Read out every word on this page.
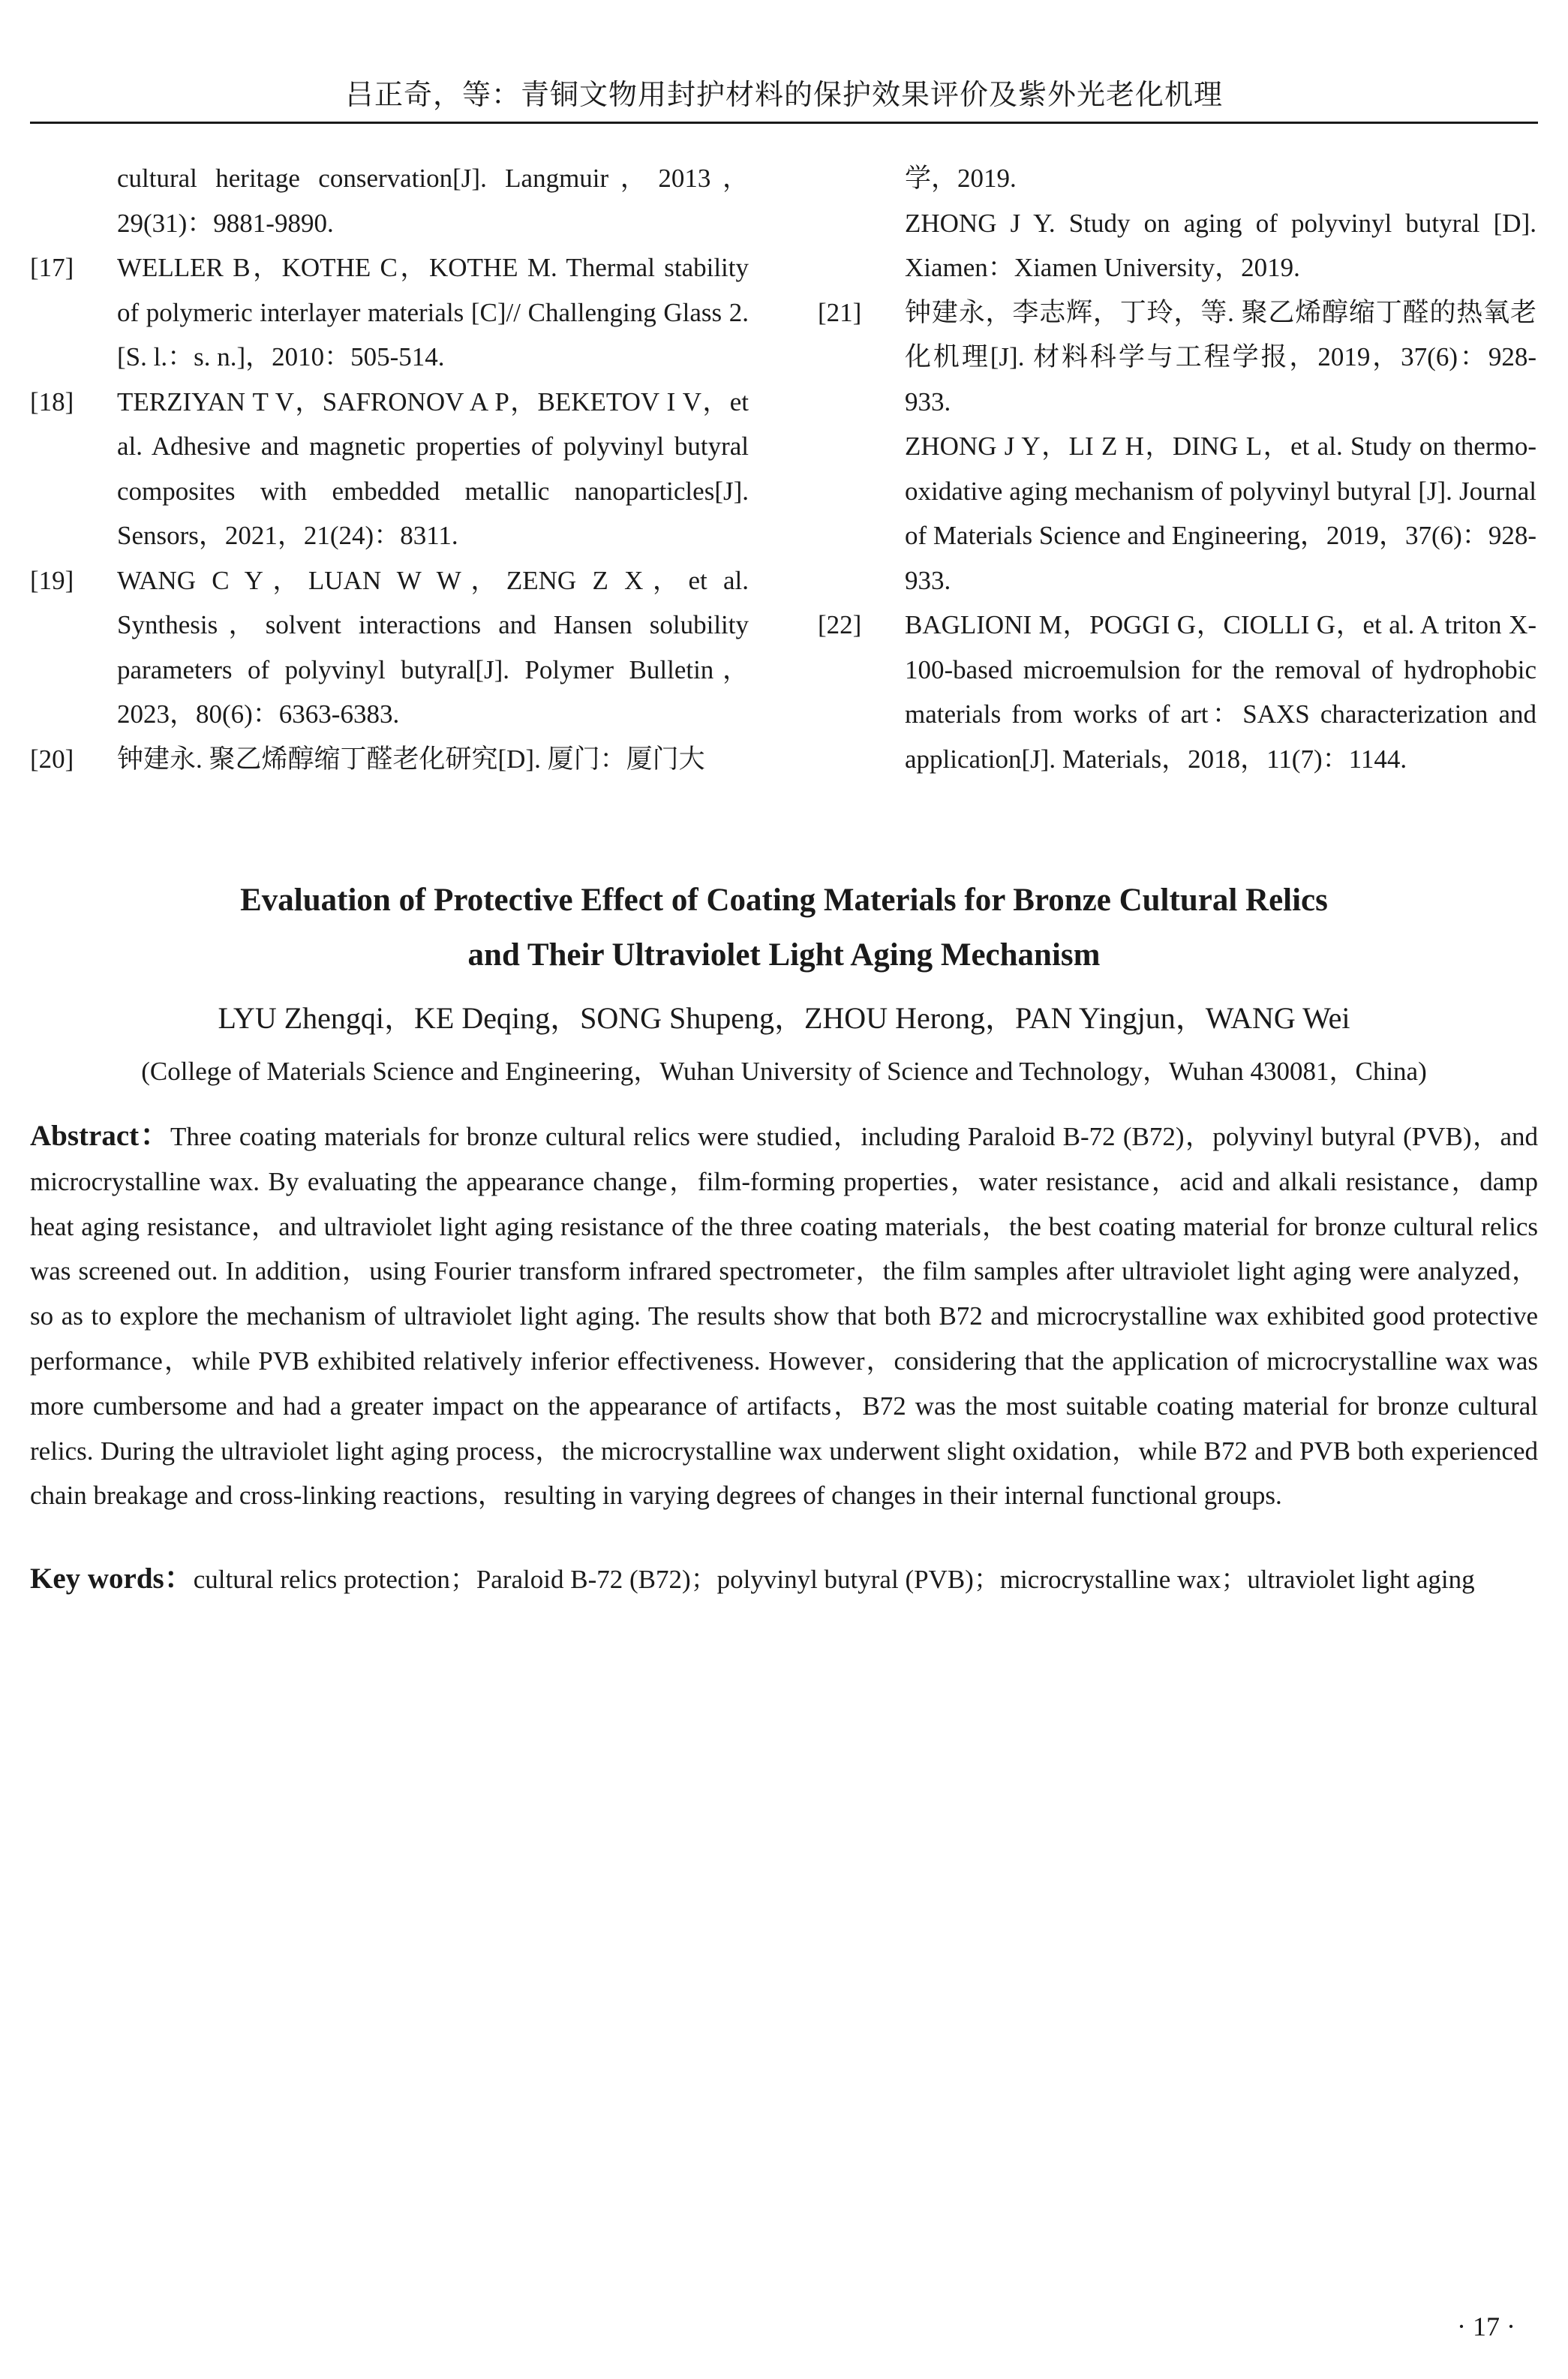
吕正奇，等：青铜文物用封护材料的保护效果评价及紫外光老化机理
cultural heritage conservation[J]. Langmuir，2013，29(31)：9881-9890.
[17] WELLER B，KOTHE C，KOTHE M. Thermal stability of polymeric interlayer materials [C]// Challenging Glass 2. [S. l.：s. n.]，2010：505-514.
[18] TERZIYAN T V，SAFRONOV A P，BEKETOV I V，et al. Adhesive and magnetic properties of polyvinyl butyral composites with embedded metallic nanoparticles[J]. Sensors，2021，21(24)：8311.
[19] WANG C Y，LUAN W W，ZENG Z X，et al. Synthesis，solvent interactions and Hansen solubility parameters of polyvinyl butyral[J]. Polymer Bulletin，2023，80(6)：6363-6383.
[20] 钟建永. 聚乙烯醇缩丁醛老化研究[D]. 厦门：厦门大
学，2019.
ZHONG J Y. Study on aging of polyvinyl butyral [D]. Xiamen：Xiamen University，2019.
[21] 钟建永，李志辉，丁玲，等. 聚乙烯醇缩丁醛的热氧老化机理[J]. 材料科学与工程学报，2019，37(6)：928-933.
ZHONG J Y，LI Z H，DING L，et al. Study on thermo-oxidative aging mechanism of polyvinyl butyral [J]. Journal of Materials Science and Engineering，2019，37(6)：928-933.
[22] BAGLIONI M，POGGI G，CIOLLI G，et al. A triton X-100-based microemulsion for the removal of hydrophobic materials from works of art：SAXS characterization and application[J]. Materials，2018，11(7)：1144.
Evaluation of Protective Effect of Coating Materials for Bronze Cultural Relics
and Their Ultraviolet Light Aging Mechanism
LYU Zhengqi，KE Deqing，SONG Shupeng，ZHOU Herong，PAN Yingjun，WANG Wei
(College of Materials Science and Engineering，Wuhan University of Science and Technology，Wuhan 430081，China)
Abstract：Three coating materials for bronze cultural relics were studied，including Paraloid B-72 (B72)，polyvinyl butyral (PVB)，and microcrystalline wax. By evaluating the appearance change，film-forming properties，water resistance，acid and alkali resistance，damp heat aging resistance，and ultraviolet light aging resistance of the three coating materials，the best coating material for bronze cultural relics was screened out. In addition，using Fourier transform infrared spectrometer，the film samples after ultraviolet light aging were analyzed，so as to explore the mechanism of ultraviolet light aging. The results show that both B72 and microcrystalline wax exhibited good protective performance，while PVB exhibited relatively inferior effectiveness. However，considering that the application of microcrystalline wax was more cumbersome and had a greater impact on the appearance of artifacts，B72 was the most suitable coating material for bronze cultural relics. During the ultraviolet light aging process，the microcrystalline wax underwent slight oxidation，while B72 and PVB both experienced chain breakage and cross-linking reactions，resulting in varying degrees of changes in their internal functional groups.
Key words：cultural relics protection；Paraloid B-72 (B72)；polyvinyl butyral (PVB)；microcrystalline wax；ultraviolet light aging
· 17 ·
